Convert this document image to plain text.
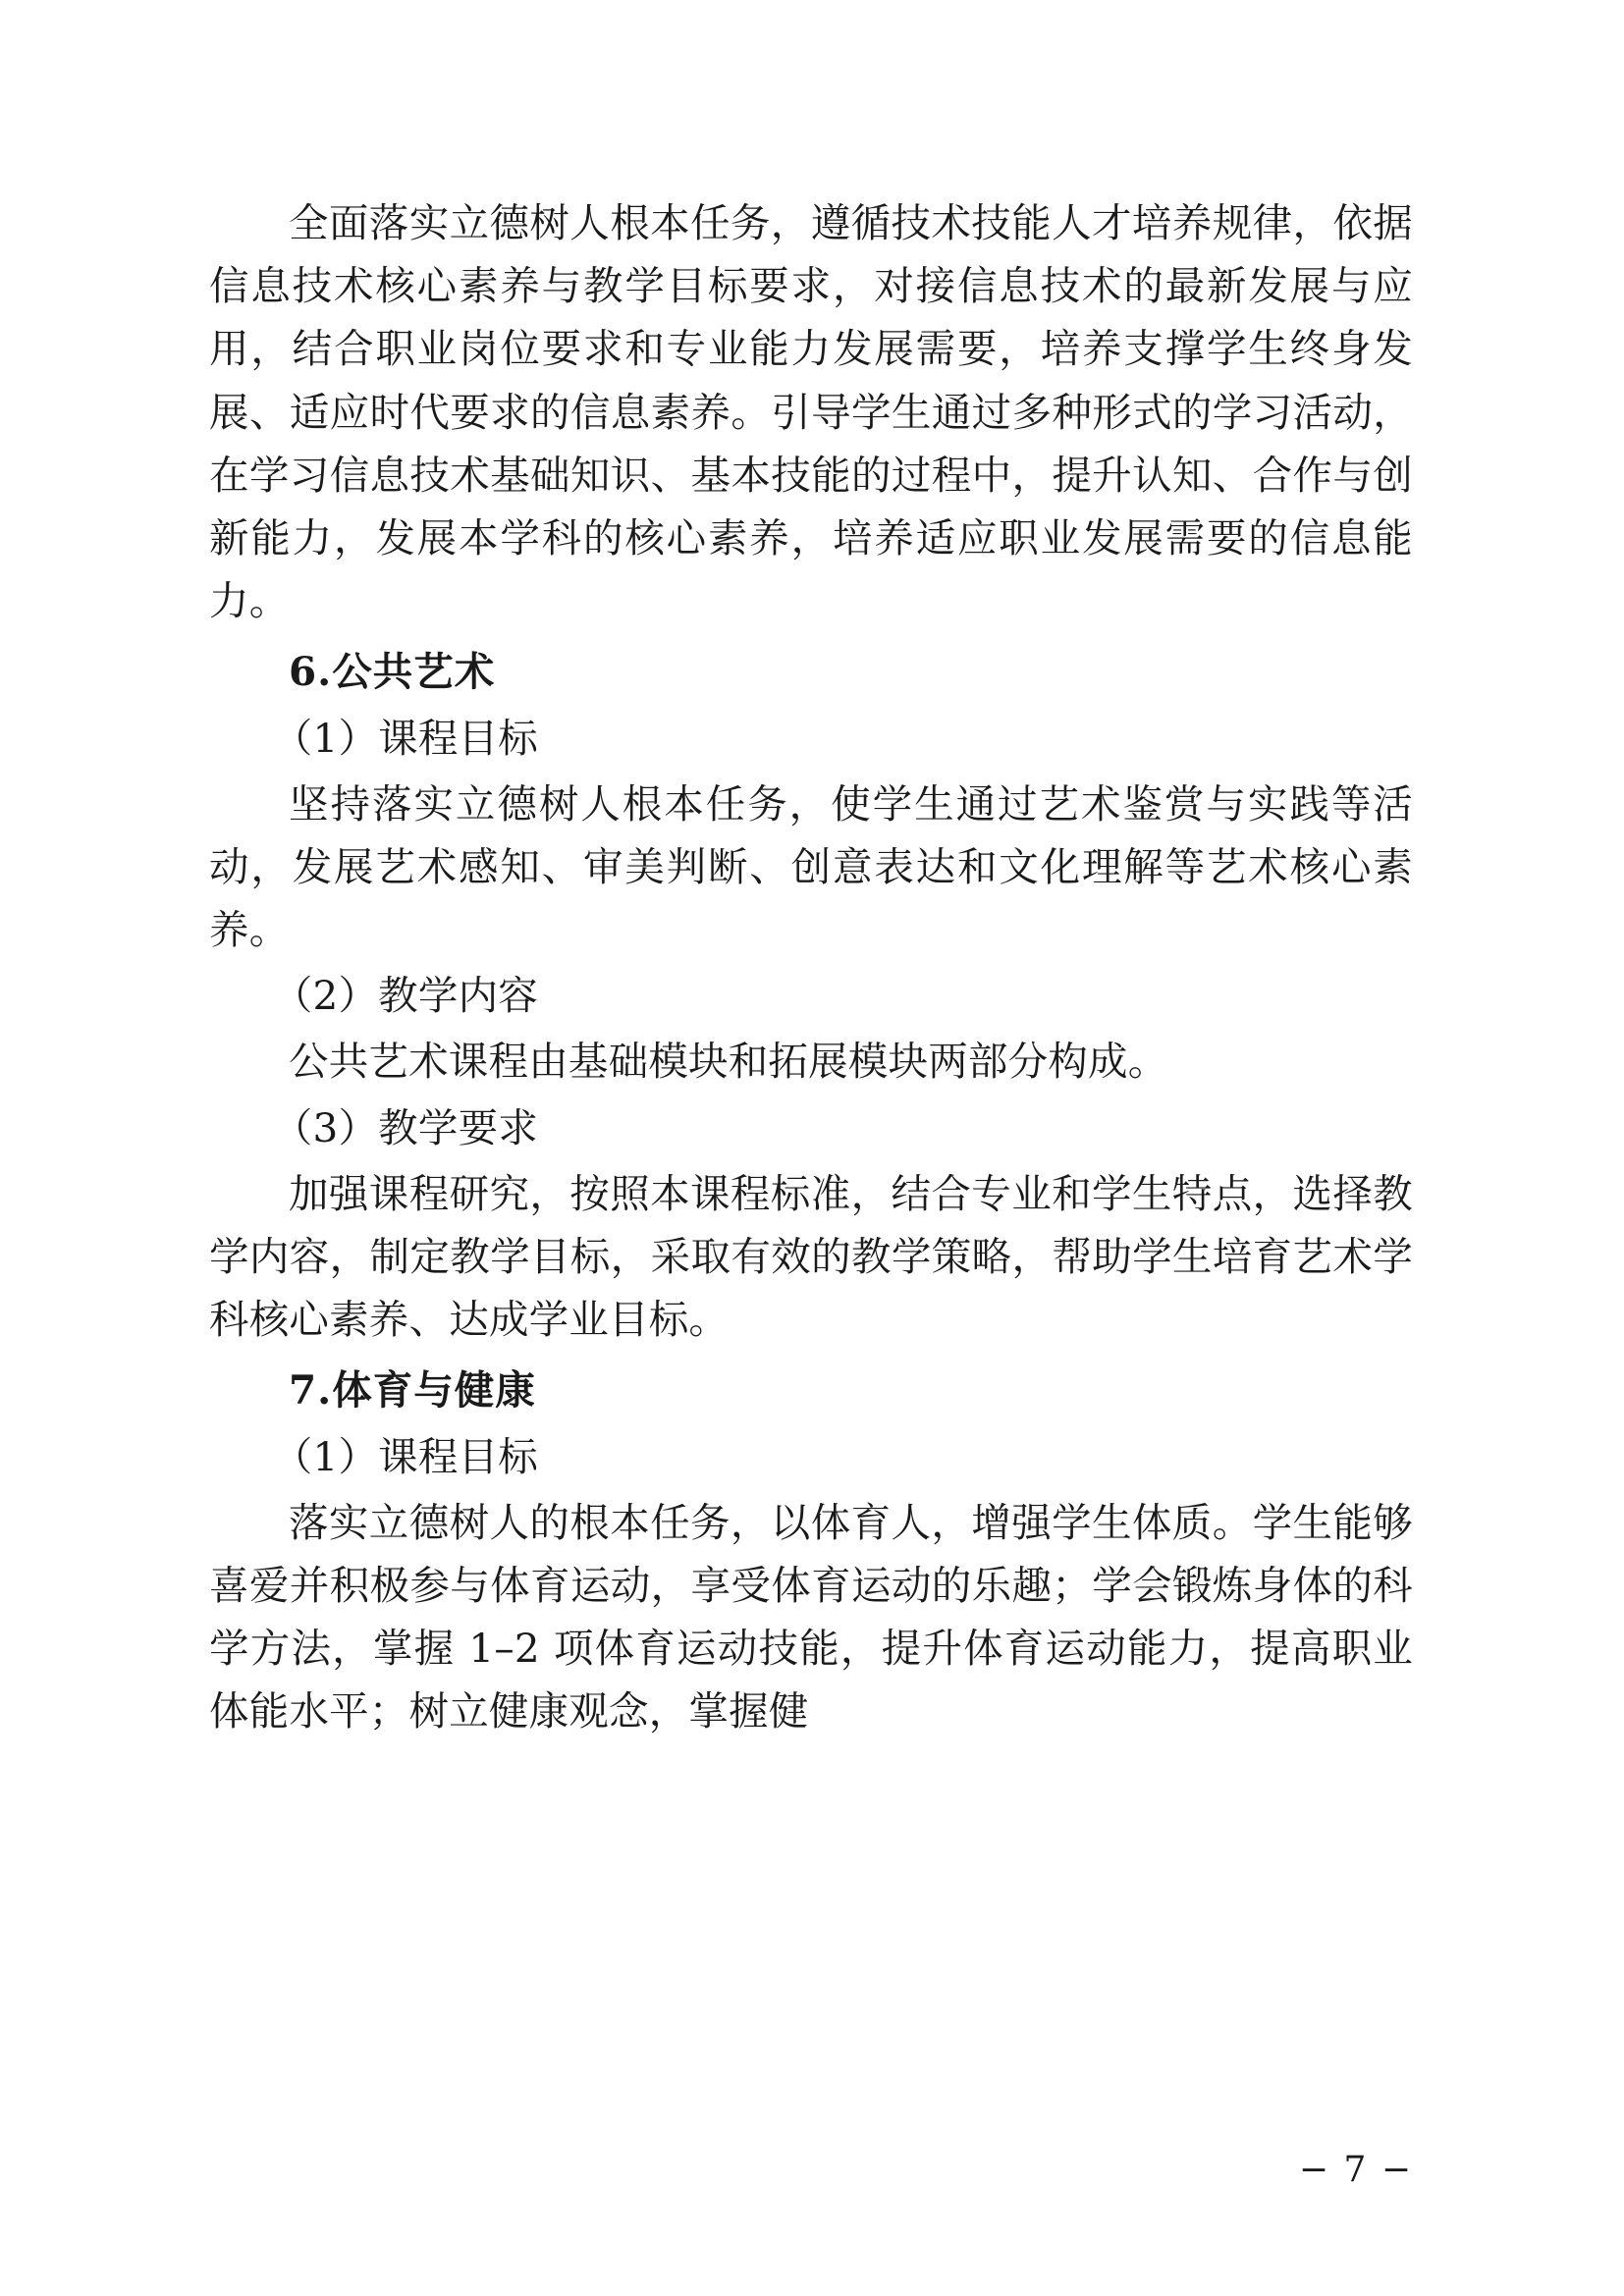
全面落实立德树人根本任务，遵循技术技能人才培养规律，依据信息技术核心素养与教学目标要求，对接信息技术的最新发展与应用，结合职业岗位要求和专业能力发展需要，培养支撑学生终身发展、适应时代要求的信息素养。引导学生通过多种形式的学习活动，在学习信息技术基础知识、基本技能的过程中，提升认知、合作与创新能力，发展本学科的核心素养，培养适应职业发展需要的信息能力。

6.公共艺术

（1）课程目标

坚持落实立德树人根本任务，使学生通过艺术鉴赏与实践等活动，发展艺术感知、审美判断、创意表达和文化理解等艺术核心素养。

（2）教学内容

公共艺术课程由基础模块和拓展模块两部分构成。

（3）教学要求

加强课程研究，按照本课程标准，结合专业和学生特点，选择教学内容，制定教学目标，采取有效的教学策略，帮助学生培育艺术学科核心素养、达成学业目标。

7.体育与健康

（1）课程目标

落实立德树人的根本任务，以体育人，增强学生体质。学生能够喜爱并积极参与体育运动，享受体育运动的乐趣；学会锻炼身体的科学方法，掌握 1–2 项体育运动技能，提升体育运动能力，提高职业体能水平；树立健康观念，掌握健

− 7 −
